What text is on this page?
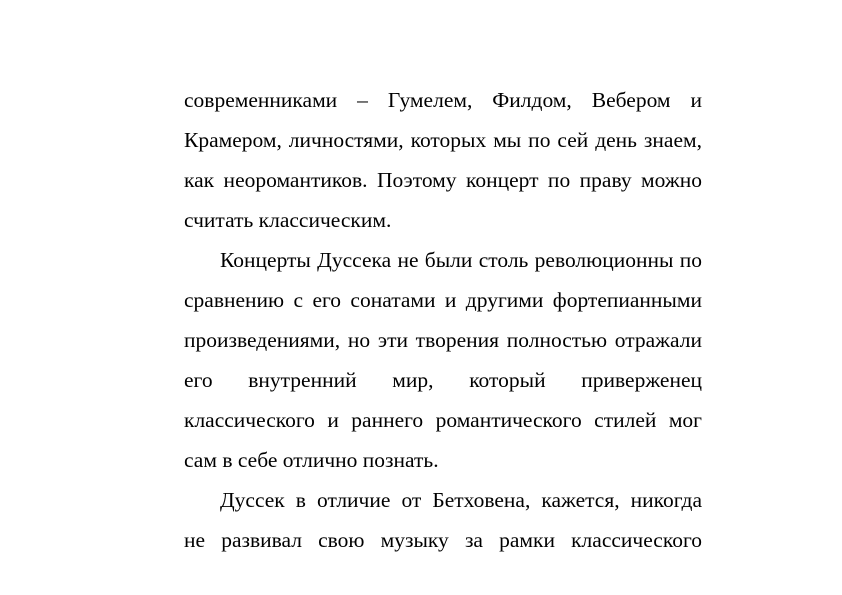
современниками – Гумелем, Филдом, Вебером и
Крамером, личностями, которых мы по сей день знаем,
как неоромантиков. Поэтому концерт по праву можно
считать классическим.
Концерты Дуссека не были столь революционны по
сравнению с его сонатами и другими фортепианными
произведениями, но эти творения полностью отражали
его внутренний мир, который приверженец
классического и раннего романтического стилей мог
сам в себе отлично познать.
Дуссек в отличие от Бетховена, кажется, никогда
не развивал свою музыку за рамки классического
